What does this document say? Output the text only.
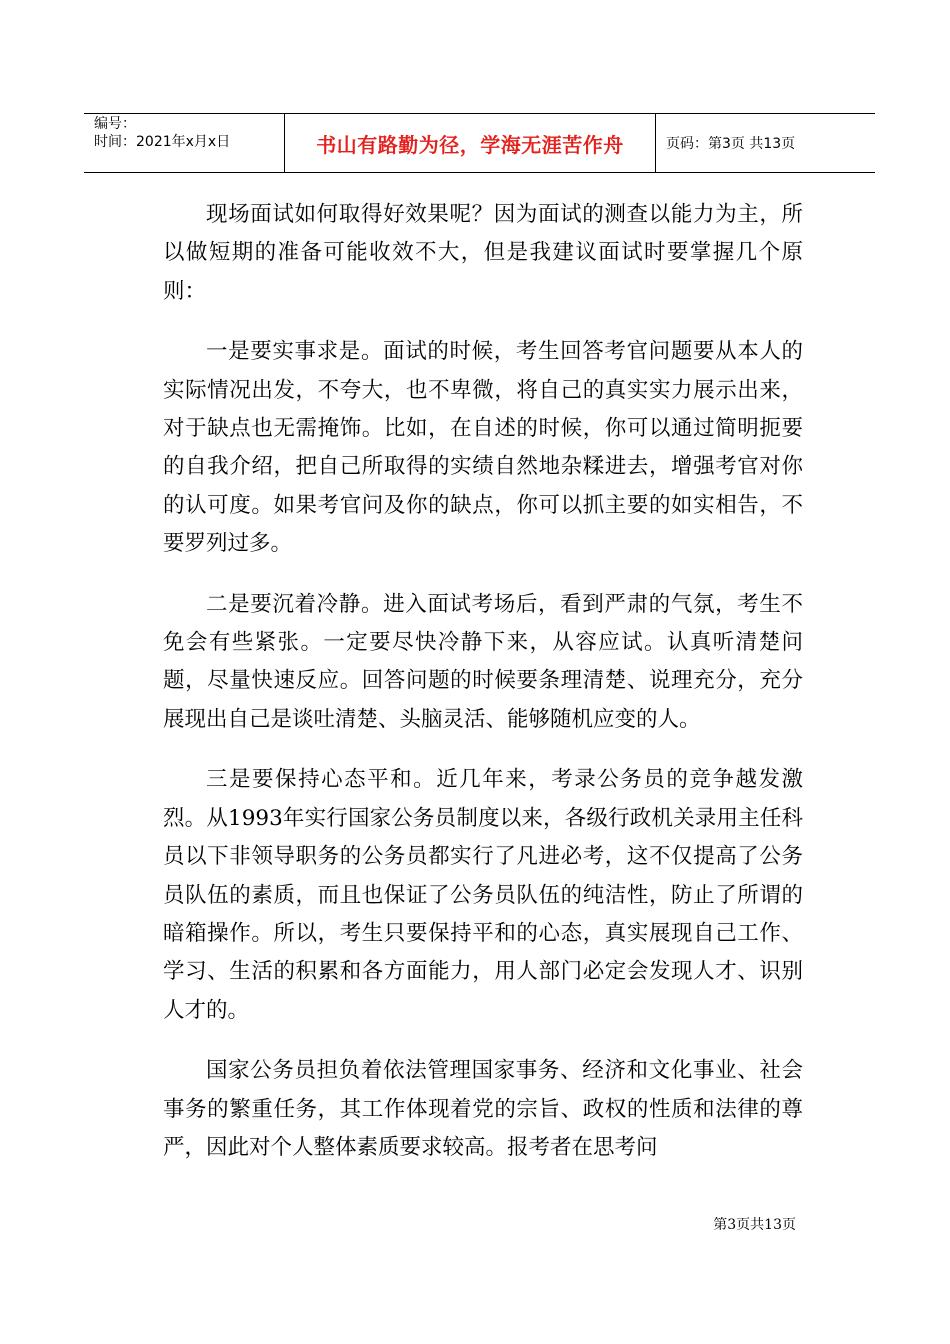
编号：
时间：2021年x月x日	书山有路勤为径，学海无涯苦作舟	页码：第3页 共13页

现场面试如何取得好效果呢？因为面试的测查以能力为主，所以做短期的准备可能收效不大，但是我建议面试时要掌握几个原则：

一是要实事求是。面试的时候，考生回答考官问题要从本人的实际情况出发，不夸大，也不卑微，将自己的真实实力展示出来，对于缺点也无需掩饰。比如，在自述的时候，你可以通过简明扼要的自我介绍，把自己所取得的实绩自然地杂糅进去，增强考官对你的认可度。如果考官问及你的缺点，你可以抓主要的如实相告，不要罗列过多。

二是要沉着冷静。进入面试考场后，看到严肃的气氛，考生不免会有些紧张。一定要尽快冷静下来，从容应试。认真听清楚问题，尽量快速反应。回答问题的时候要条理清楚、说理充分，充分展现出自己是谈吐清楚、头脑灵活、能够随机应变的人。

三是要保持心态平和。近几年来，考录公务员的竞争越发激烈。从1993年实行国家公务员制度以来，各级行政机关录用主任科员以下非领导职务的公务员都实行了凡进必考，这不仅提高了公务员队伍的素质，而且也保证了公务员队伍的纯洁性，防止了所谓的暗箱操作。所以，考生只要保持平和的心态，真实展现自己工作、学习、生活的积累和各方面能力，用人部门必定会发现人才、识别人才的。

国家公务员担负着依法管理国家事务、经济和文化事业、社会事务的繁重任务，其工作体现着党的宗旨、政权的性质和法律的尊严，因此对个人整体素质要求较高。报考者在思考问

第3页共13页
